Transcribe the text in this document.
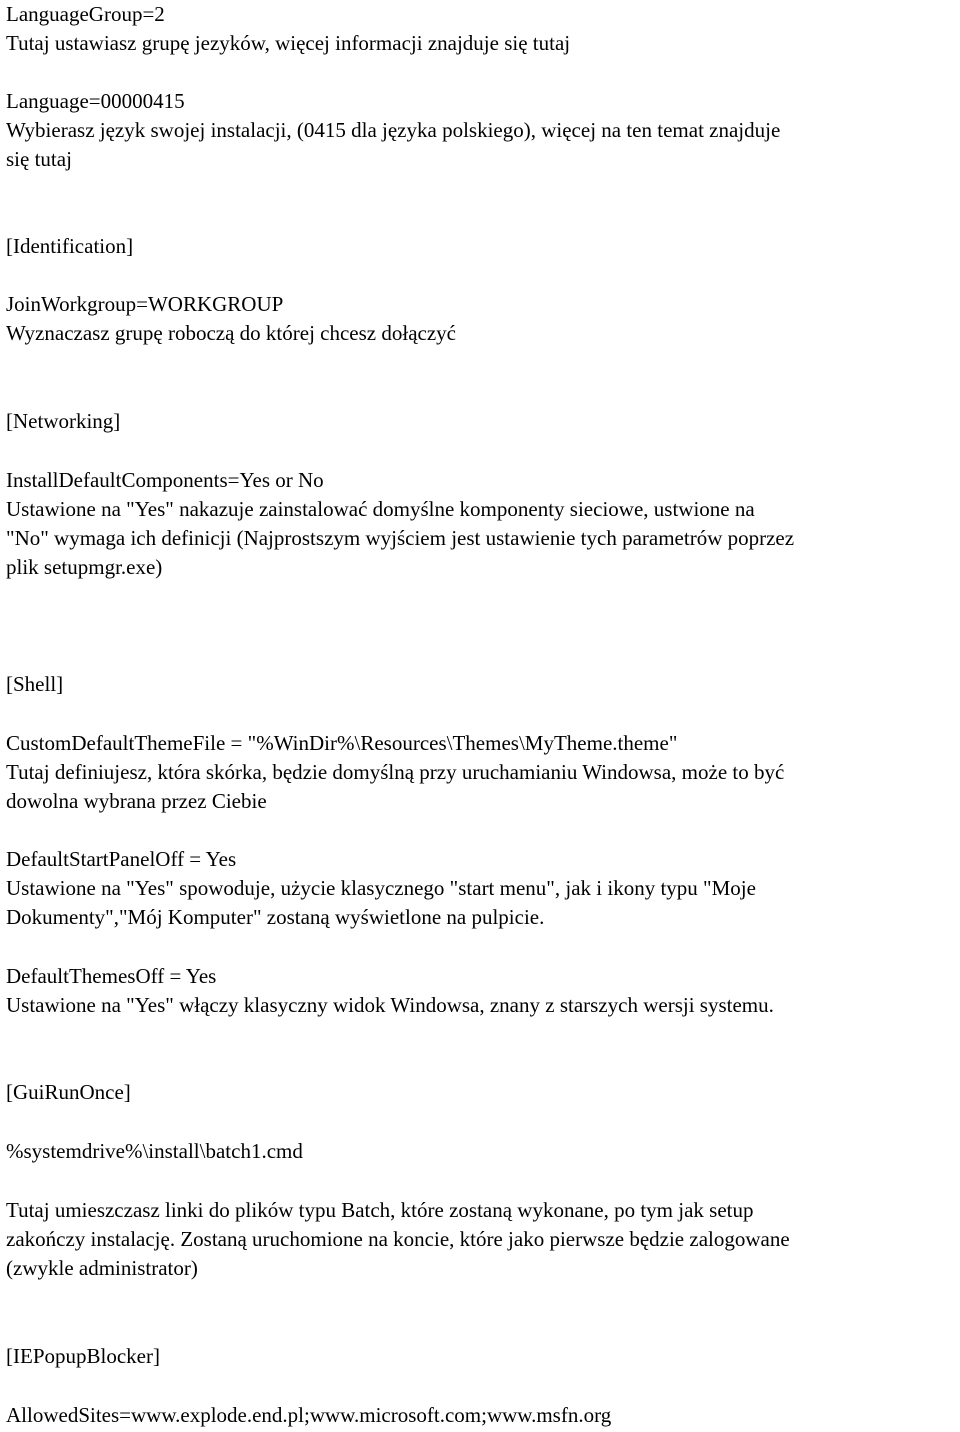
LanguageGroup=2
Tutaj ustawiasz grupę jezyków, więcej informacji znajduje się tutaj
Language=00000415
Wybierasz język swojej instalacji, (0415 dla języka polskiego), więcej na ten temat znajduje
się tutaj
[Identification]
JoinWorkgroup=WORKGROUP
Wyznaczasz grupę roboczą do której chcesz dołączyć
[Networking]
InstallDefaultComponents=Yes or No
Ustawione na "Yes" nakazuje zainstalować domyślne komponenty sieciowe, ustwione na
"No" wymaga ich definicji (Najprostszym wyjściem jest ustawienie tych parametrów poprzez
plik setupmgr.exe)
[Shell]
CustomDefaultThemeFile = "%WinDir%\Resources\Themes\MyTheme.theme"
Tutaj definiujesz, która skórka, będzie domyślną przy uruchamianiu Windowsa, może to być
dowolna wybrana przez Ciebie
DefaultStartPanelOff = Yes
Ustawione na "Yes" spowoduje, użycie klasycznego "start menu", jak i ikony typu "Moje
Dokumenty","Mój Komputer" zostaną wyświetlone na pulpicie.
DefaultThemesOff = Yes
Ustawione na "Yes" włączy klasyczny widok Windowsa, znany z starszych wersji systemu.
[GuiRunOnce]
%systemdrive%\install\batch1.cmd
Tutaj umieszczasz linki do plików typu Batch, które zostaną wykonane, po tym jak setup
zakończy instalację. Zostaną uruchomione na koncie, które jako pierwsze będzie zalogowane
(zwykle administrator)
[IEPopupBlocker]
AllowedSites=www.explode.end.pl;www.microsoft.com;www.msfn.org
